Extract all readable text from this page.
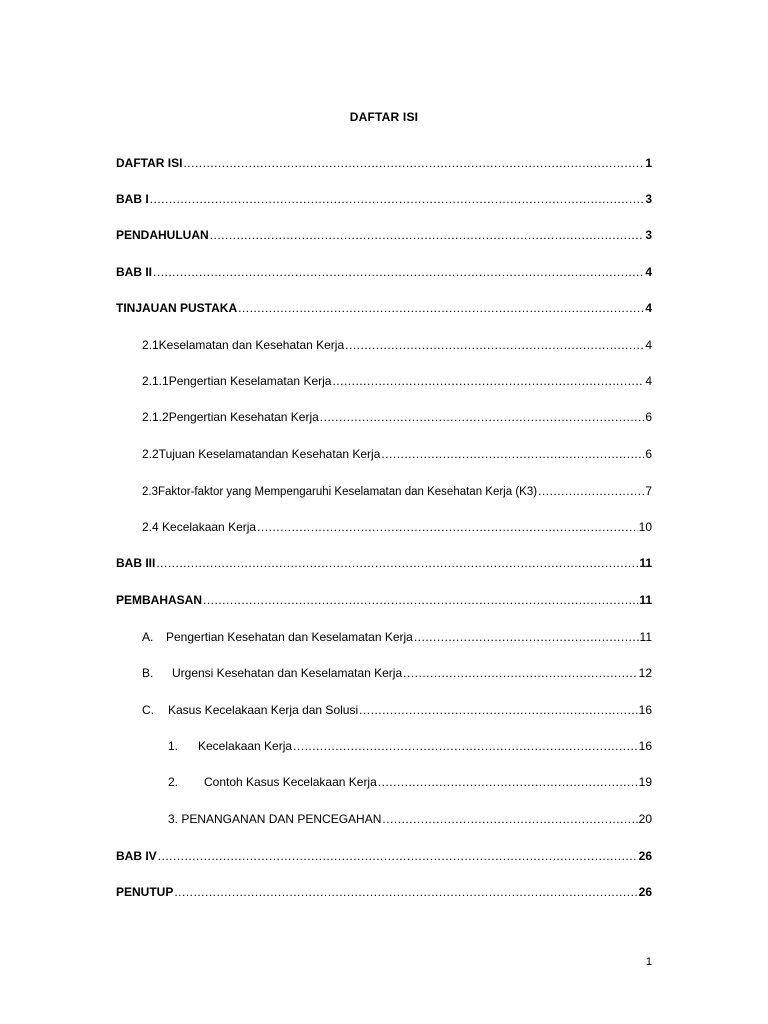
DAFTAR ISI
DAFTAR ISI .....	1
BAB I .....	3
PENDAHULUAN .....	3
BAB II .....	4
TINJAUAN PUSTAKA .....	4
2.1Keselamatan dan Kesehatan Kerja .....	4
2.1.1Pengertian Keselamatan Kerja .....	4
2.1.2Pengertian Kesehatan Kerja .....	6
2.2Tujuan Keselamatandan Kesehatan Kerja .....	6
2.3Faktor-faktor yang Mempengaruhi Keselamatan dan Kesehatan Kerja (K3) .....	7
2.4 Kecelakaan Kerja .....	10
BAB III .....	11
PEMBAHASAN .....	11
A. Pengertian Kesehatan dan Keselamatan Kerja .....	11
B. Urgensi Kesehatan dan Keselamatan Kerja .....	12
C. Kasus Kecelakaan Kerja dan Solusi .....	16
1. Kecelakaan Kerja .....	16
2. Contoh Kasus Kecelakaan Kerja .....	19
3. PENANGANAN DAN PENCEGAHAN .....	20
BAB IV .....	26
PENUTUP .....	26
1
